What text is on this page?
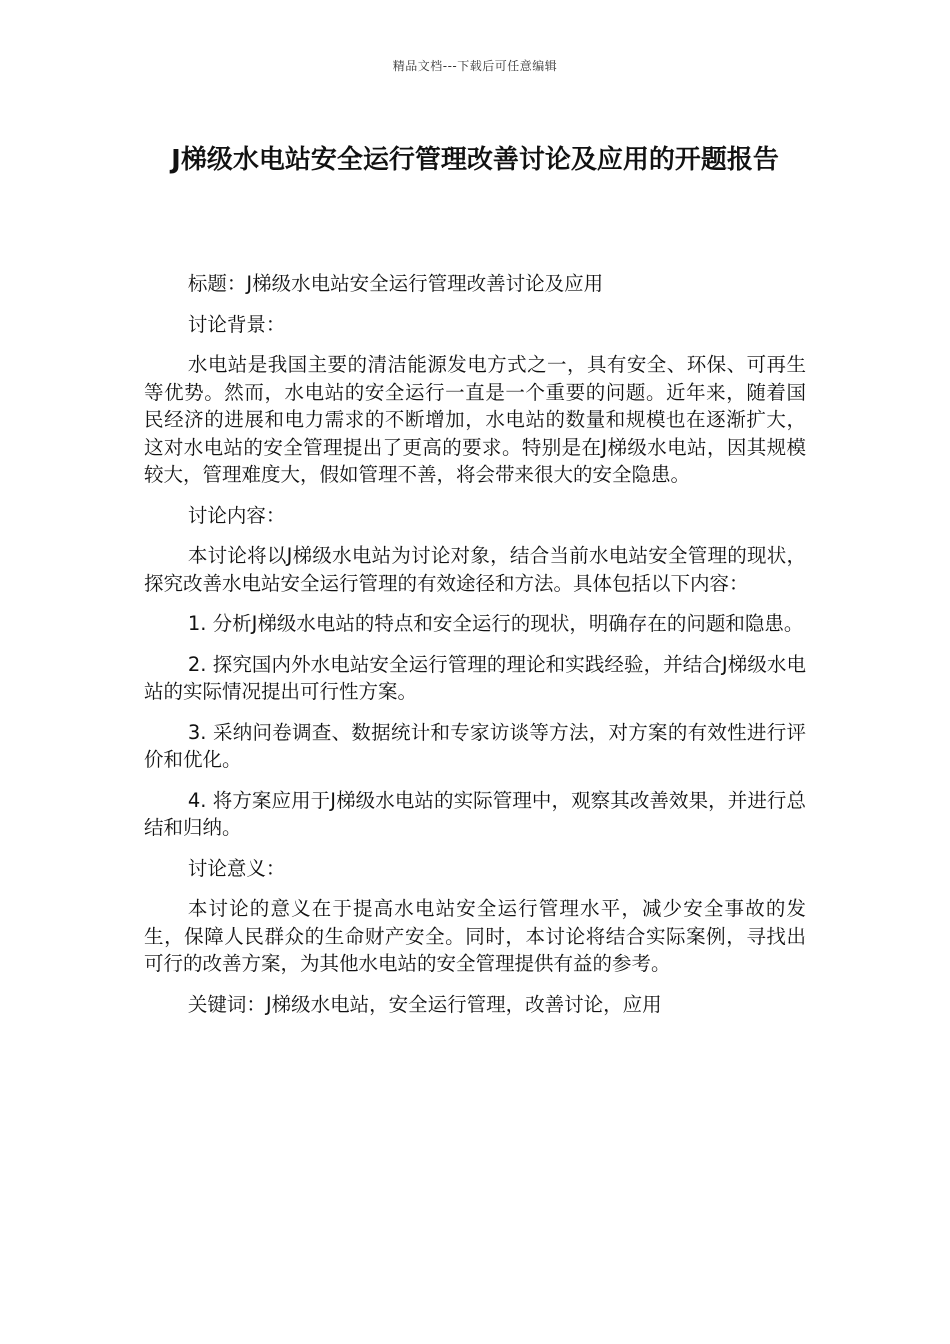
精品文档---下载后可任意编辑
J梯级水电站安全运行管理改善讨论及应用的开题报告

标题：J梯级水电站安全运行管理改善讨论及应用

讨论背景：

水电站是我国主要的清洁能源发电方式之一，具有安全、环保、可再生等优势。然而，水电站的安全运行一直是一个重要的问题。近年来，随着国民经济的进展和电力需求的不断增加，水电站的数量和规模也在逐渐扩大，这对水电站的安全管理提出了更高的要求。特别是在J梯级水电站，因其规模较大，管理难度大，假如管理不善，将会带来很大的安全隐患。

讨论内容：

本讨论将以J梯级水电站为讨论对象，结合当前水电站安全管理的现状，探究改善水电站安全运行管理的有效途径和方法。具体包括以下内容：

1. 分析J梯级水电站的特点和安全运行的现状，明确存在的问题和隐患。

2. 探究国内外水电站安全运行管理的理论和实践经验，并结合J梯级水电站的实际情况提出可行性方案。

3. 采纳问卷调查、数据统计和专家访谈等方法，对方案的有效性进行评价和优化。

4. 将方案应用于J梯级水电站的实际管理中，观察其改善效果，并进行总结和归纳。

讨论意义：

本讨论的意义在于提高水电站安全运行管理水平，减少安全事故的发生，保障人民群众的生命财产安全。同时，本讨论将结合实际案例，寻找出可行的改善方案，为其他水电站的安全管理提供有益的参考。

关键词：J梯级水电站，安全运行管理，改善讨论，应用
